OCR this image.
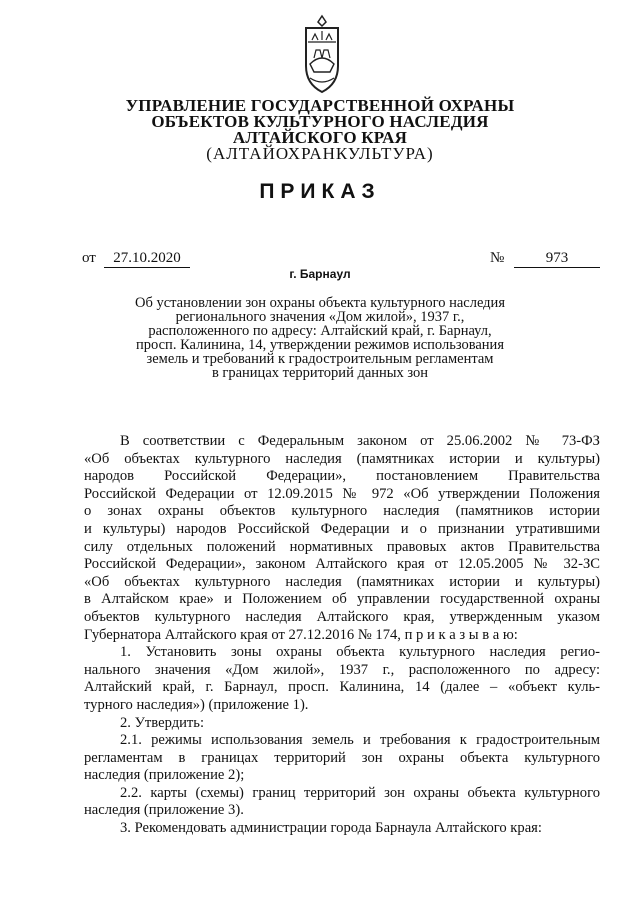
УПРАВЛЕНИЕ ГОСУДАРСТВЕННОЙ ОХРАНЫ
ОБЪЕКТОВ КУЛЬТУРНОГО НАСЛЕДИЯ
АЛТАЙСКОГО КРАЯ
(АЛТАЙОХРАНКУЛЬТУРА)
ПРИКАЗ
от	27.10.2020	№	973
г. Барнаул
Об установлении зон охраны объекта культурного наследия
регионального значения «Дом жилой», 1937 г.,
расположенного по адресу: Алтайский край, г. Барнаул,
просп. Калинина, 14, утверждении режимов использования
земель и требований к градостроительным регламентам
в границах территорий данных зон
В соответствии с Федеральным законом от 25.06.2002 № 73-ФЗ
«Об объектах культурного наследия (памятниках истории и культуры)
народов Российской Федерации», постановлением Правительства
Российской Федерации от 12.09.2015 № 972 «Об утверждении Положения
о зонах охраны объектов культурного наследия (памятников истории
и культуры) народов Российской Федерации и о признании утратившими
силу отдельных положений нормативных правовых актов Правительства
Российской Федерации», законом Алтайского края от 12.05.2005 № 32-ЗС
«Об объектах культурного наследия (памятниках истории и культуры)
в Алтайском крае» и Положением об управлении государственной охраны
объектов культурного наследия Алтайского края, утвержденным указом
Губернатора Алтайского края от 27.12.2016 № 174, п р и к а з ы в а ю:
1. Установить зоны охраны объекта культурного наследия регио-
нального значения «Дом жилой», 1937 г., расположенного по адресу:
Алтайский край, г. Барнаул, просп. Калинина, 14 (далее – «объект куль-
турного наследия») (приложение 1).
2. Утвердить:
2.1. режимы использования земель и требования к градостроительным
регламентам в границах территорий зон охраны объекта культурного
наследия (приложение 2);
2.2. карты (схемы) границ территорий зон охраны объекта культурного
наследия (приложение 3).
3. Рекомендовать администрации города Барнаула Алтайского края:
